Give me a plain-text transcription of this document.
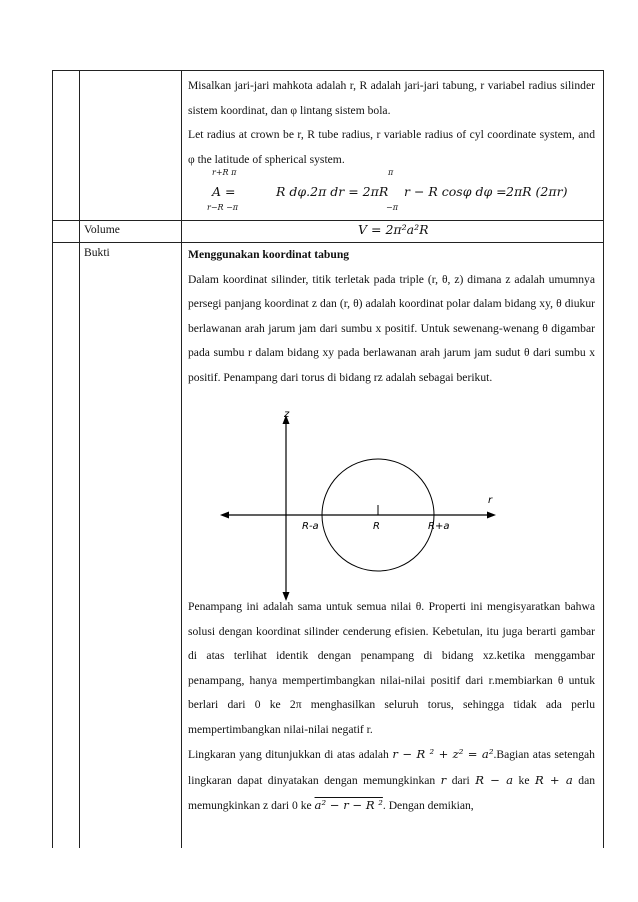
Misalkan jari-jari mahkota adalah r, R adalah jari-jari tabung, r variabel radius silinder sistem koordinat, dan φ lintang sistem bola.

Let radius at crown be r, R tube radius, r variable radius of cyl coordinate system, and φ the latitude of spherical system.

r+R π
A =	R dφ.2π dr = 2πR
r−R −π
π
−π
r − R cosφ dφ = 2πR (2πr)
Volume	V = 2π²a²R
Bukti	Menggunakan koordinat tabung

Dalam koordinat silinder, titik terletak pada triple (r, θ, z) dimana z adalah umumnya persegi panjang koordinat z dan (r, θ) adalah koordinat polar dalam bidang xy, θ diukur berlawanan arah jarum jam dari sumbu x positif. Untuk sewenang-wenang θ digambar pada sumbu r dalam bidang xy pada berlawanan arah jarum jam sudut θ dari sumbu x positif. Penampang dari torus di bidang rz adalah sebagai berikut.

z
r
R-a	R	R+a

Penampang ini adalah sama untuk semua nilai θ. Properti ini mengisyaratkan bahwa solusi dengan koordinat silinder cenderung efisien. Kebetulan, itu juga berarti gambar di atas terlihat identik dengan penampang di bidang xz.ketika menggambar penampang, hanya mempertimbangkan nilai-nilai positif dari r.membiarkan θ untuk berlari dari 0 ke 2π menghasilkan seluruh torus, sehingga tidak ada perlu mempertimbangkan nilai-nilai negatif r.

Lingkaran yang ditunjukkan di atas adalah r − R ² + z² = a².Bagian atas setengah lingkaran dapat dinyatakan dengan memungkinkan r dari R − a ke R + a dan memungkinkan z dari 0 ke a² − r − R ². Dengan demikian,
